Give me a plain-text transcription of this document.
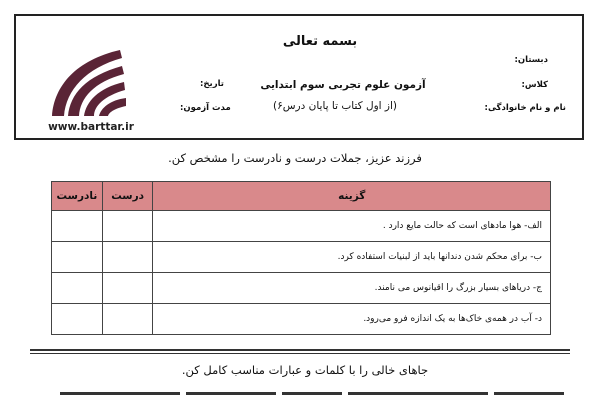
بسمه تعالی
دبستان:
کلاس:
نام و نام خانوادگی:
آزمون علوم تجربی سوم ابتدایی
(از اول کتاب تا پایان درس۶)
تاریخ:
مدت آزمون:
www.barttar.ir
فرزند عزیز، جملات درست و نادرست را مشخص کن.
گزینه	درست	نادرست
الف- هوا مادهای است که حالت مایع دارد .		
ب- برای محکم شدن دندانها باید از لبنیات استفاده کرد.		
ج- دریاهای بسیار بزرگ را اقیانوس می نامند.		
د- آب در همه‌ی خاک‌ها به یک اندازه فرو می‌رود.		
جاهای خالی را با کلمات و عبارات مناسب کامل کن.
